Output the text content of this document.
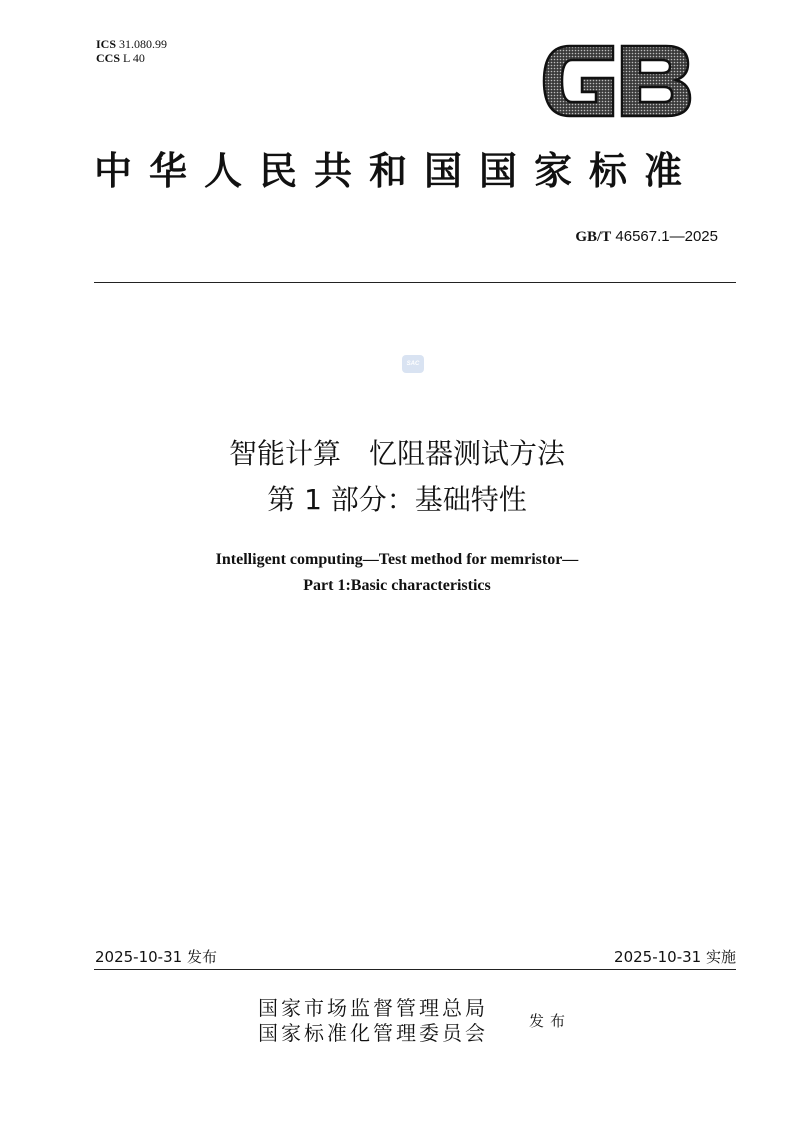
ICS 31.080.99
CCS L 40
中华人民共和国国家标准
GB/T 46567.1—2025
SAC
智能计算　忆阻器测试方法
第 1 部分：基础特性
Intelligent computing—Test method for memristor—
Part 1:Basic characteristics
2025-10-31 发布	2025-10-31 实施
国家市场监督管理总局
国家标准化管理委员会	发布
